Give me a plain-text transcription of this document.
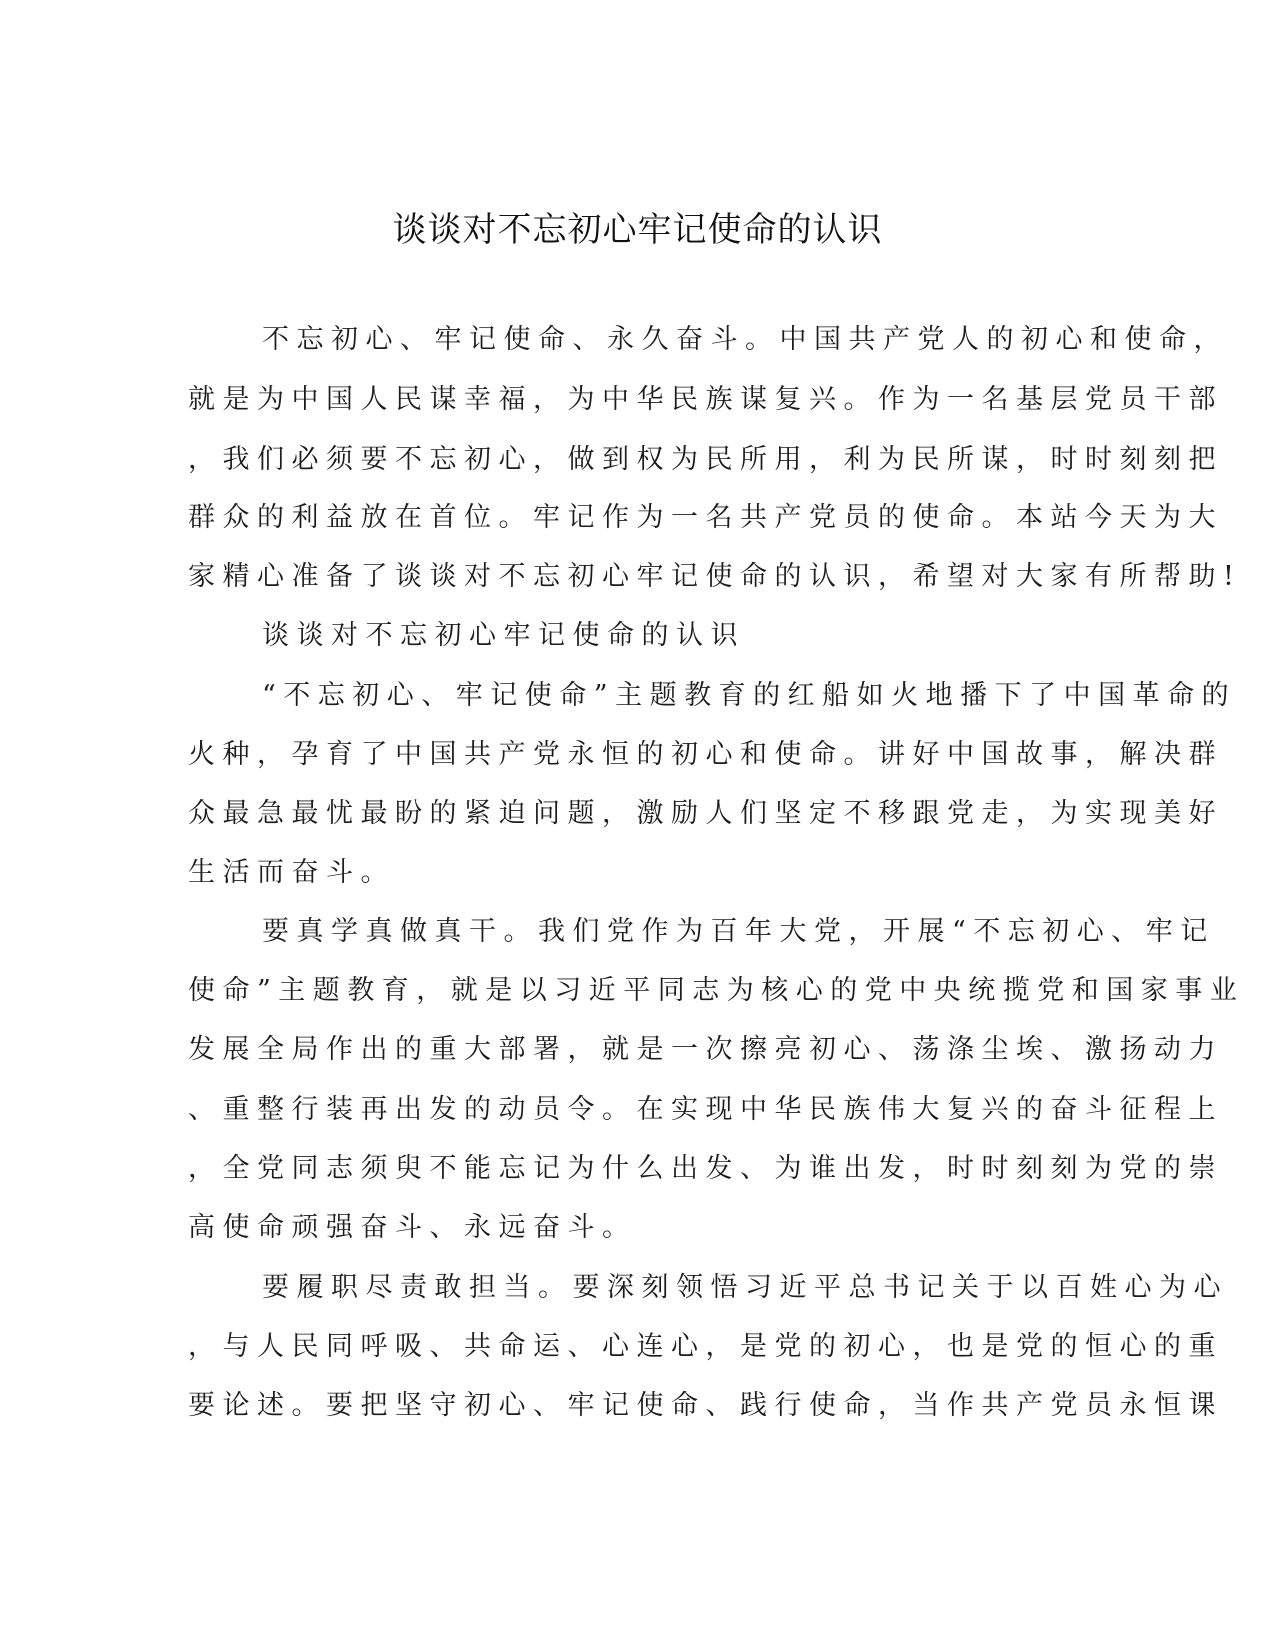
谈谈对不忘初心牢记使命的认识
不忘初心、牢记使命、永久奋斗。中国共产党人的初心和使命，
就是为中国人民谋幸福，为中华民族谋复兴。作为一名基层党员干部
，我们必须要不忘初心，做到权为民所用，利为民所谋，时时刻刻把
群众的利益放在首位。牢记作为一名共产党员的使命。本站今天为大
家精心准备了谈谈对不忘初心牢记使命的认识，希望对大家有所帮助!
谈谈对不忘初心牢记使命的认识
“不忘初心、牢记使命”主题教育的红船如火地播下了中国革命的
火种，孕育了中国共产党永恒的初心和使命。讲好中国故事，解决群
众最急最忧最盼的紧迫问题，激励人们坚定不移跟党走，为实现美好
生活而奋斗。
要真学真做真干。我们党作为百年大党，开展“不忘初心、牢记
使命”主题教育，就是以习近平同志为核心的党中央统揽党和国家事业
发展全局作出的重大部署，就是一次擦亮初心、荡涤尘埃、激扬动力
、重整行装再出发的动员令。在实现中华民族伟大复兴的奋斗征程上
，全党同志须臾不能忘记为什么出发、为谁出发，时时刻刻为党的崇
高使命顽强奋斗、永远奋斗。
要履职尽责敢担当。要深刻领悟习近平总书记关于以百姓心为心
，与人民同呼吸、共命运、心连心，是党的初心，也是党的恒心的重
要论述。要把坚守初心、牢记使命、践行使命，当作共产党员永恒课
